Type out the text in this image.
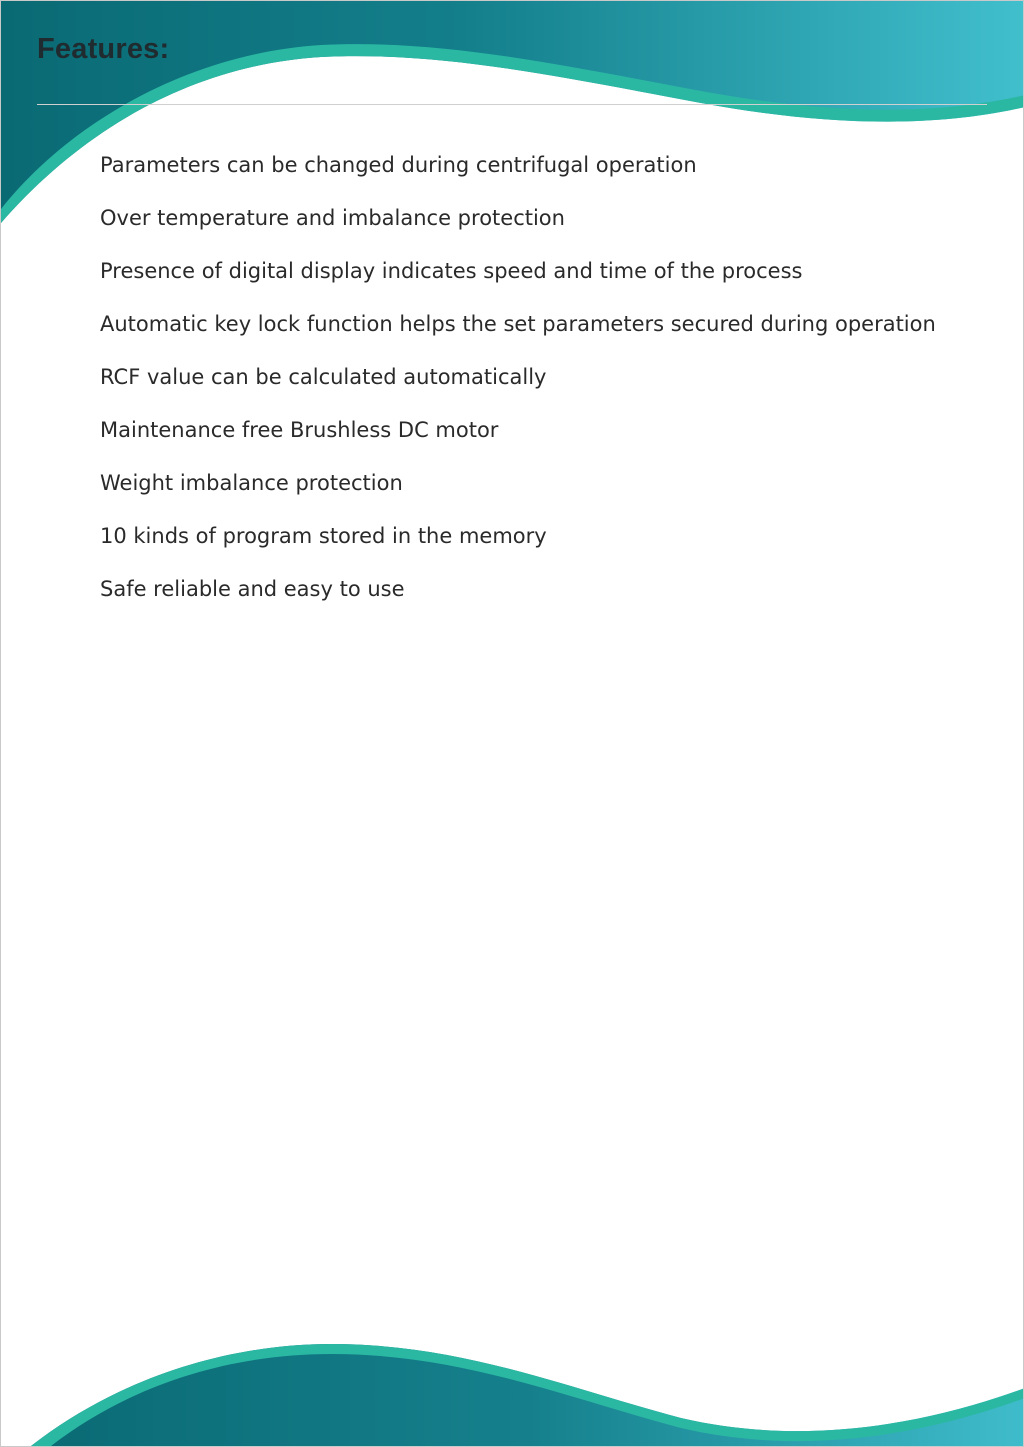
Features:
Parameters can be changed during centrifugal operation
Over temperature and imbalance protection
Presence of digital display indicates speed and time of the process
Automatic key lock function helps the set parameters secured during operation
RCF value can be calculated automatically
Maintenance free Brushless DC motor
Weight imbalance protection
10 kinds of program stored in the memory
Safe reliable and easy to use
